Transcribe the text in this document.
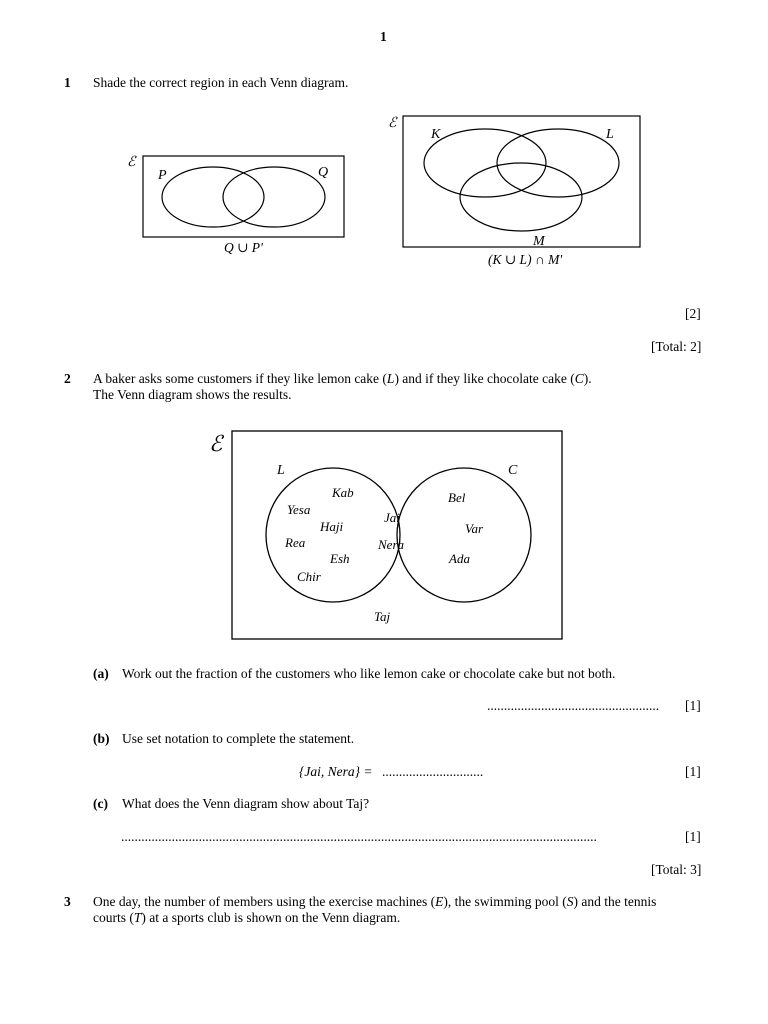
1
1 Shade the correct region in each Venn diagram.
ℰ
P	Q
ℰ
K	L
M
ℰ
L	C
Kab
Yesa
Haji
Rea
Esh
Chir
Jai
Nera
Bel
Var
Ada
Taj
Q ∪ P'
(K ∪ L) ∩ M'
[2]
[Total: 2]
2 A baker asks some customers if they like lemon cake (L) and if they like chocolate cake (C).
The Venn diagram shows the results.
(a) Work out the fraction of the customers who like lemon cake or chocolate cake but not both.
................................................... [1]
(b) Use set notation to complete the statement.
{Jai, Nera} = ..............................	[1]
(c) What does the Venn diagram show about Taj?
.............................................................................................................................................	[1]
[Total: 3]
3 One day, the number of members using the exercise machines (E), the swimming pool (S) and the tennis
courts (T) at a sports club is shown on the Venn diagram.
